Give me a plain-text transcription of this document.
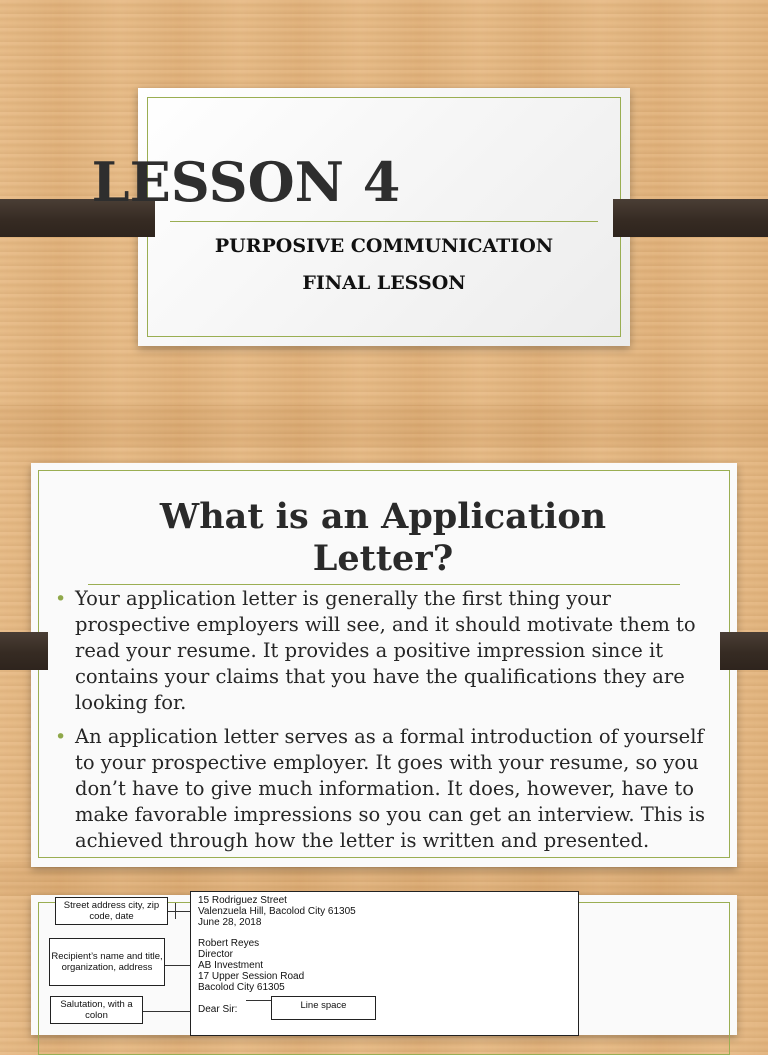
LESSON 4
PURPOSIVE COMMUNICATION
FINAL LESSON
What is an Application Letter?
• Your application letter is generally the first thing your prospective employers will see, and it should motivate them to read your resume. It provides a positive impression since it contains your claims that you have the qualifications they are looking for.
• An application letter serves as a formal introduction of yourself to your prospective employer. It goes with your resume, so you don’t have to give much information. It does, however, have to make favorable impressions so you can get an interview. This is achieved through how the letter is written and presented.
15 Rodriguez Street
Valenzuela Hill, Bacolod City 61305
June 28, 2018
Robert Reyes
Director
AB Investment
17 Upper Session Road
Bacolod City 61305
Dear Sir:
Street address city, zip code, date
Recipient’s name and title, organization, address
Salutation, with a colon
Line space
